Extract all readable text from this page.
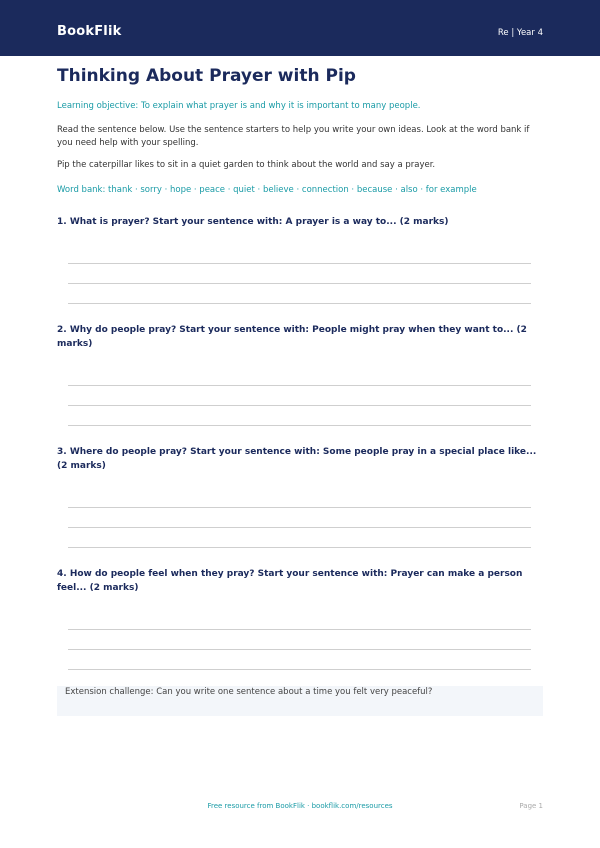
BookFlik	Re | Year 4
Thinking About Prayer with Pip
Learning objective: To explain what prayer is and why it is important to many people.
Read the sentence below. Use the sentence starters to help you write your own ideas. Look at the word bank if you need help with your spelling.
Pip the caterpillar likes to sit in a quiet garden to think about the world and say a prayer.
Word bank: thank · sorry · hope · peace · quiet · believe · connection · because · also · for example
1. What is prayer? Start your sentence with: A prayer is a way to... (2 marks)
2. Why do people pray? Start your sentence with: People might pray when they want to... (2 marks)
3. Where do people pray? Start your sentence with: Some people pray in a special place like... (2 marks)
4. How do people feel when they pray? Start your sentence with: Prayer can make a person feel... (2 marks)
Extension challenge: Can you write one sentence about a time you felt very peaceful?
Free resource from BookFlik · bookflik.com/resources	Page 1
